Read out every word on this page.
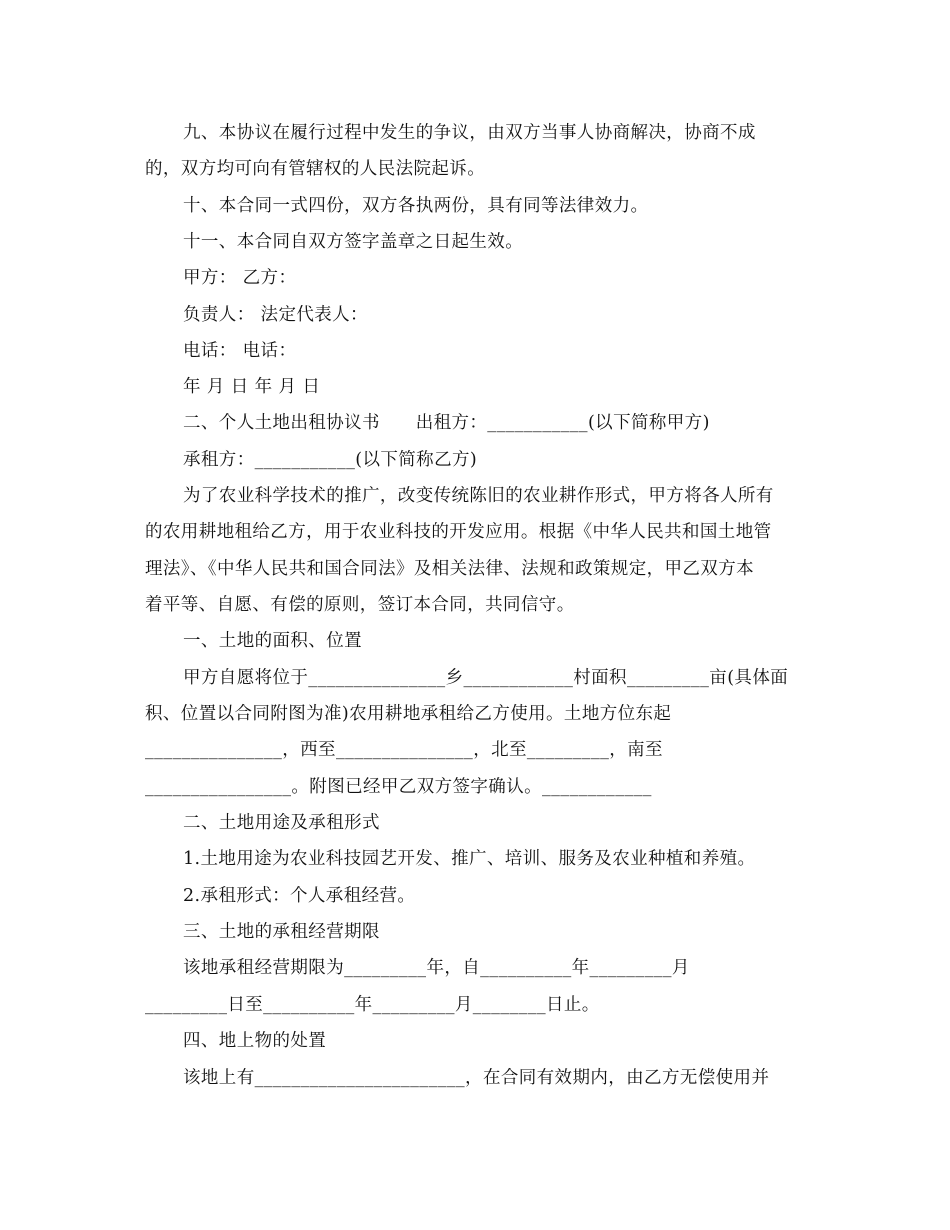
九、本协议在履行过程中发生的争议，由双方当事人协商解决，协商不成
的，双方均可向有管辖权的人民法院起诉。
十、本合同一式四份，双方各执两份，具有同等法律效力。
十一、本合同自双方签字盖章之日起生效。
甲方： 乙方：
负责人： 法定代表人：
电话： 电话：
年 月 日 年 月 日
二、个人土地出租协议书　　出租方：___________(以下简称甲方)
承租方：___________(以下简称乙方)
为了农业科学技术的推广，改变传统陈旧的农业耕作形式，甲方将各人所有
的农用耕地租给乙方，用于农业科技的开发应用。根据《中华人民共和国土地管
理法》、《中华人民共和国合同法》及相关法律、法规和政策规定，甲乙双方本
着平等、自愿、有偿的原则，签订本合同，共同信守。
一、土地的面积、位置
甲方自愿将位于_______________乡____________村面积_________亩(具体面
积、位置以合同附图为准)农用耕地承租给乙方使用。土地方位东起
_______________，西至_______________，北至_________，南至
________________。附图已经甲乙双方签字确认。____________
二、土地用途及承租形式
1.土地用途为农业科技园艺开发、推广、培训、服务及农业种植和养殖。
2.承租形式：个人承租经营。
三、土地的承租经营期限
该地承租经营期限为_________年，自__________年_________月
_________日至__________年_________月________日止。
四、地上物的处置
该地上有_______________________，在合同有效期内，由乙方无偿使用并
